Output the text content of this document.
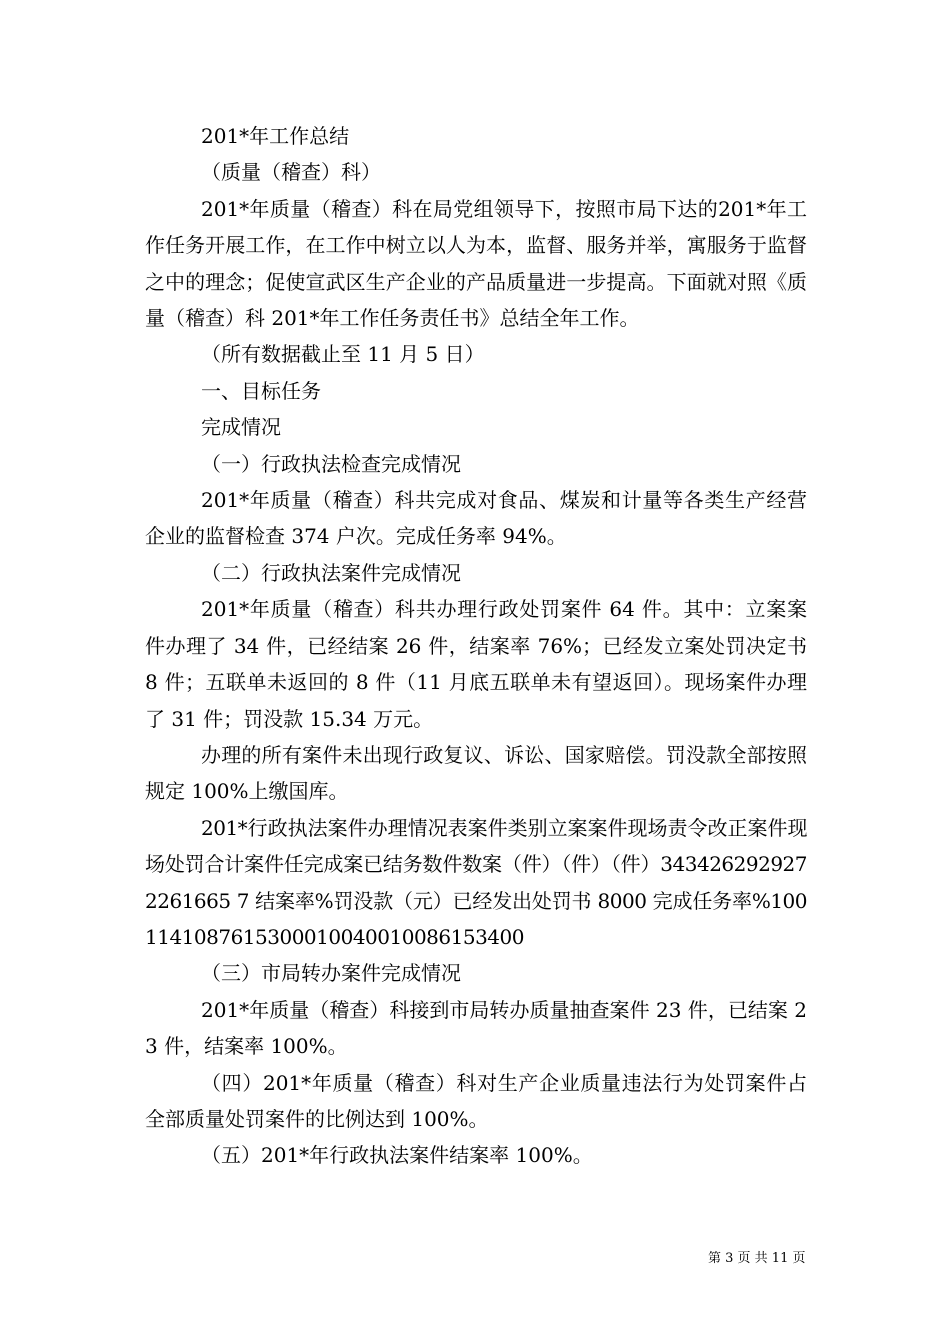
201*年工作总结

（质量（稽查）科）

201*年质量（稽查）科在局党组领导下，按照市局下达的201*年工作任务开展工作，在工作中树立以人为本，监督、服务并举，寓服务于监督之中的理念；促使宣武区生产企业的产品质量进一步提高。下面就对照《质量（稽查）科 201*年工作任务责任书》总结全年工作。

（所有数据截止至 11 月 5 日）

一、目标任务

完成情况

（一）行政执法检查完成情况

201*年质量（稽查）科共完成对食品、煤炭和计量等各类生产经营企业的监督检查 374 户次。完成任务率 94%。

（二）行政执法案件完成情况

201*年质量（稽查）科共办理行政处罚案件 64 件。其中：立案案件办理了 34 件，已经结案 26 件，结案率 76%；已经发立案处罚决定书 8 件；五联单未返回的 8 件（11 月底五联单未有望返回）。现场案件办理了 31 件；罚没款 15.34 万元。

办理的所有案件未出现行政复议、诉讼、国家赔偿。罚没款全部按照规定 100%上缴国库。

201*行政执法案件办理情况表案件类别立案案件现场责令改正案件现场处罚合计案件任完成案已结务数件数案（件）（件）（件）3434262929272261665 7 结案率%罚没款（元）已经发出处罚书 8000 完成任务率%1001141087615300010040010086153400

（三）市局转办案件完成情况

201*年质量（稽查）科接到市局转办质量抽查案件 23 件，已结案 23 件，结案率 100%。

（四）201*年质量（稽查）科对生产企业质量违法行为处罚案件占全部质量处罚案件的比例达到 100%。

（五）201*年行政执法案件结案率 100%。

第 3 页 共 11 页
